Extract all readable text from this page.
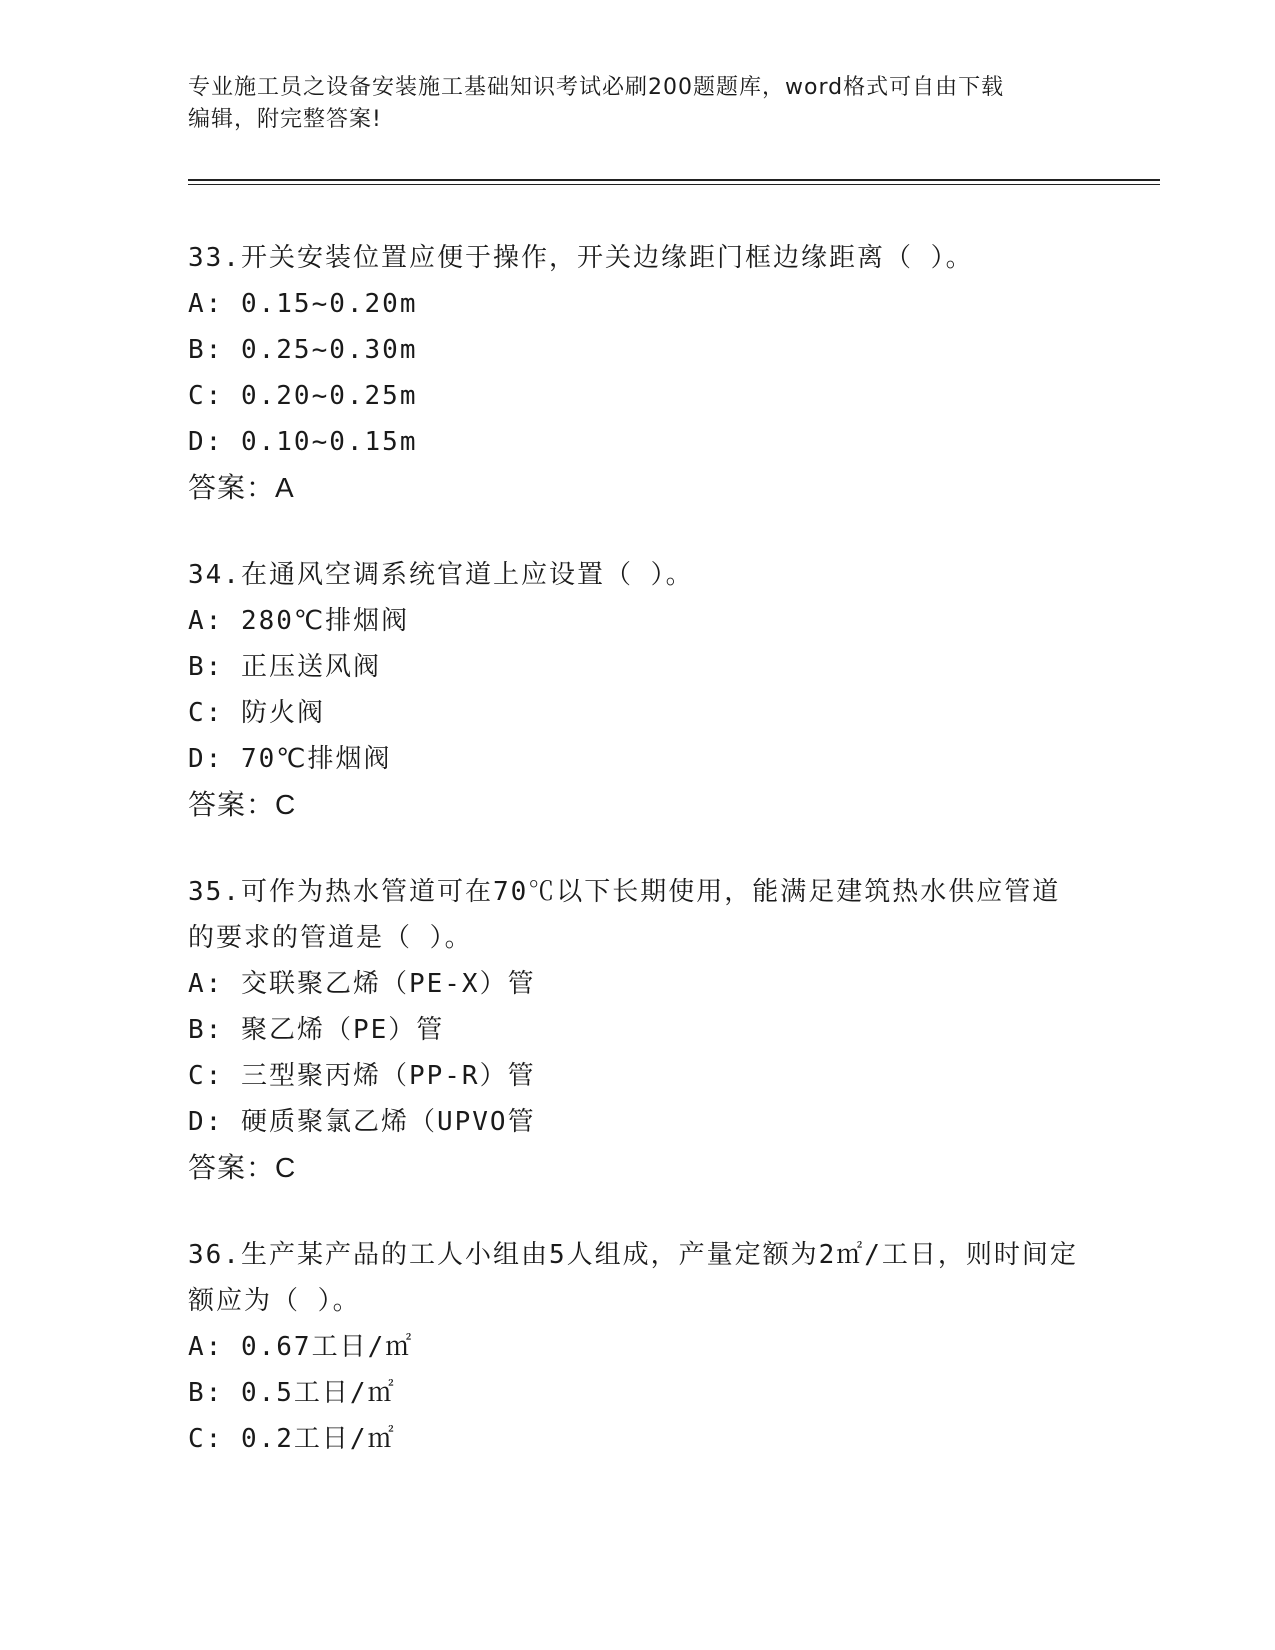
专业施工员之设备安装施工基础知识考试必刷200题题库，word格式可自由下载
编辑，附完整答案!
33.开关安装位置应便于操作，开关边缘距门框边缘距离（ ）。
A: 0.15~0.20m
B: 0.25~0.30m
C: 0.20~0.25m
D: 0.10~0.15m
答案：A
34.在通风空调系统官道上应设置（ ）。
A: 280℃排烟阀
B: 正压送风阀
C: 防火阀
D: 70℃排烟阀
答案：C
35.可作为热水管道可在70℃以下长期使用，能满足建筑热水供应管道的要求的管道是（ ）。
A: 交联聚乙烯（PE-X）管
B: 聚乙烯（PE）管
C: 三型聚丙烯（PP-R）管
D: 硬质聚氯乙烯（UPVO管
答案：C
36.生产某产品的工人小组由5人组成，产量定额为2㎡/工日，则时间定额应为（ ）。
A: 0.67工日/㎡
B: 0.5工日/㎡
C: 0.2工日/㎡
